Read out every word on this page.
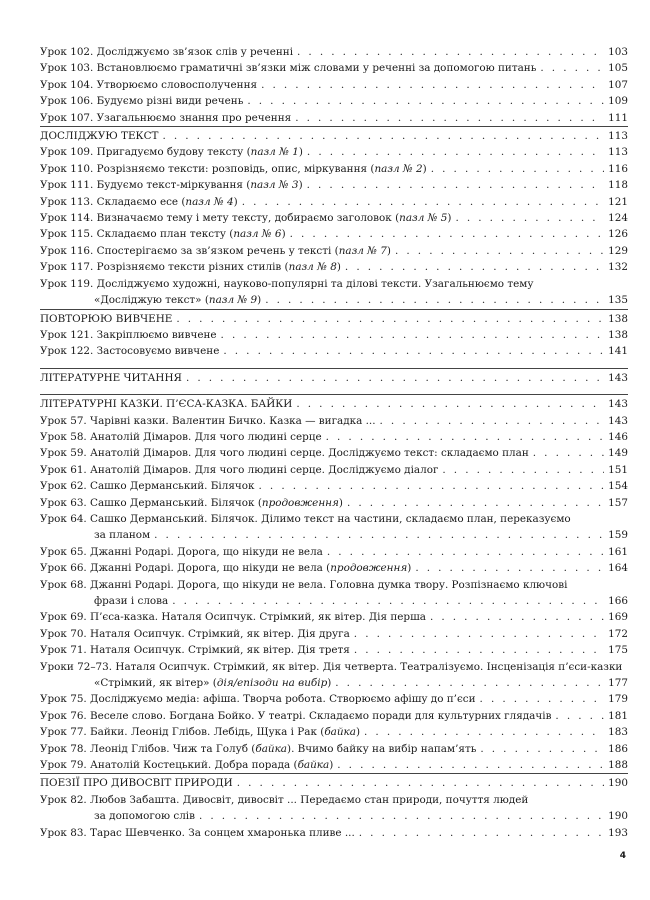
Урок 102. Досліджуємо зв’язок слів у реченні . . .	103
Урок 103. Встановлюємо граматичні зв’язки між словами у реченні за допомогою питань . . .	105
Урок 104. Утворюємо словосполучення . . .	107
Урок 106. Будуємо різні види речень . . .	109
Урок 107. Узагальнюємо знання про речення . . .	111
ДОСЛІДЖУЮ ТЕКСТ . . .	113
Урок 109. Пригадуємо будову тексту (пазл № 1) . . .	113
Урок 110. Розрізняємо тексти: розповідь, опис, міркування (пазл № 2) . . .	116
Урок 111. Будуємо текст-міркування (пазл № 3) . . .	118
Урок 113. Складаємо есе (пазл № 4) . . .	121
Урок 114. Визначаємо тему і мету тексту, добираємо заголовок (пазл № 5) . . .	124
Урок 115. Складаємо план тексту (пазл № 6) . . .	126
Урок 116. Спостерігаємо за зв’язком речень у тексті (пазл № 7) . . .	129
Урок 117. Розрізняємо тексти різних стилів (пазл № 8) . . .	132
Урок 119. Досліджуємо художні, науково-популярні та ділові тексти. Узагальнюємо тему
«Досліджую текст» (пазл № 9) . . .	135
ПОВТОРЮЮ ВИВЧЕНЕ . . .	138
Урок 121. Закріплюємо вивчене . . .	138
Урок 122. Застосовуємо вивчене . . .	141
ЛІТЕРАТУРНЕ ЧИТАННЯ . . .	143
ЛІТЕРАТУРНІ КАЗКИ. П’ЄСА-КАЗКА. БАЙКИ . . .	143
Урок 57. Чарівні казки. Валентин Бичко. Казка — вигадка ... . . .	143
Урок 58. Анатолій Дімаров. Для чого людині серце . . .	146
Урок 59. Анатолій Дімаров. Для чого людині серце. Досліджуємо текст: складаємо план . . .	149
Урок 61. Анатолій Дімаров. Для чого людині серце. Досліджуємо діалог . . .	151
Урок 62. Сашко Дерманський. Білячок . . .	154
Урок 63. Сашко Дерманський. Білячок (продовження) . . .	157
Урок 64. Сашко Дерманський. Білячок. Ділимо текст на частини, складаємо план, переказуємо
за планом . . .	159
Урок 65. Джанні Родарі. Дорога, що нікуди не вела . . .	161
Урок 66. Джанні Родарі. Дорога, що нікуди не вела (продовження) . . .	164
Урок 68. Джанні Родарі. Дорога, що нікуди не вела. Головна думка твору. Розпізнаємо ключові
фрази і слова . . .	166
Урок 69. П’єса-казка. Наталя Осипчук. Стрімкий, як вітер. Дія перша . . .	169
Урок 70. Наталя Осипчук. Стрімкий, як вітер. Дія друга . . .	172
Урок 71. Наталя Осипчук. Стрімкий, як вітер. Дія третя . . .	175
Уроки 72–73. Наталя Осипчук. Стрімкий, як вітер. Дія четверта. Театралізуємо. Інсценізація п’єси-казки
«Стрімкий, як вітер» (дія/епізоди на вибір) . . .	177
Урок 75. Досліджуємо медіа: афіша. Творча робота. Створюємо афішу до п’єси . . .	179
Урок 76. Веселе слово. Богдана Бойко. У театрі. Складаємо поради для культурних глядачів . . .	181
Урок 77. Байки. Леонід Глібов. Лебідь, Щука і Рак (байка) . . .	183
Урок 78. Леонід Глібов. Чиж та Голуб (байка). Вчимо байку на вибір напам’ять . . .	186
Урок 79. Анатолій Костецький. Добра порада (байка) . . .	188
ПОЕЗІЇ ПРО ДИВОСВІТ ПРИРОДИ . . .	190
Урок 82. Любов Забашта. Дивосвіт, дивосвіт ... Передаємо стан природи, почуття людей
за допомогою слів . . .	190
Урок 83. Тарас Шевченко. За сонцем хмаронька пливе ... . . .	193
4
